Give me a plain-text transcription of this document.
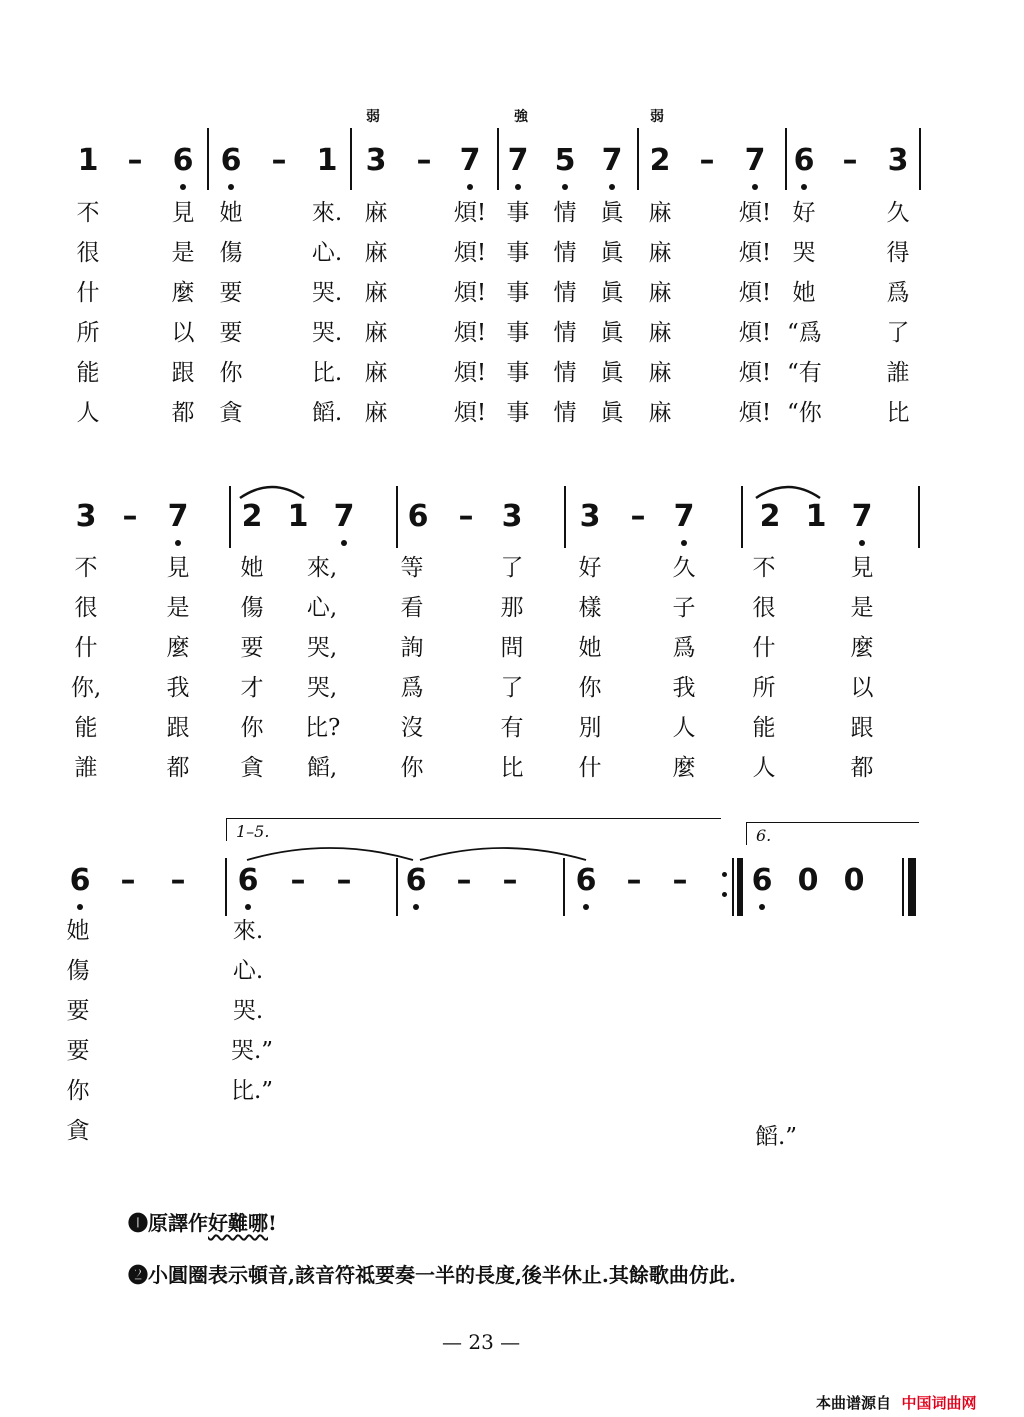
弱	強	弱
1 –	6 6	–	1 3	– 7 7 5 7 2 –	7 6 –	3
不	見 她	來. 麻	煩! 事 情 眞 麻	煩! 好	久
很	是 傷	心. 麻	煩! 事 情 眞 麻	煩! 哭	得
什	麼 要	哭. 麻	煩! 事 情 眞 麻	煩! 她	爲
所	以 要	哭. 麻	煩! 事 情 眞 麻	煩! “爲	了
能	跟 你	比. 麻	煩! 事 情 眞 麻	煩! “有	誰
人	都 貪	饀. 麻	煩! 事 情 眞 麻	煩! “你	比
3 –	7 2 1 7 6	– 3 3	– 7 2 1 7
不	見 她 來,	等	了 好	久 不	見
很	是 傷 心,	看	那 樣	子 很	是
什	麼 要 哭,	詢	問 她	爲 什	麼
你,	我 才 哭,	爲	了 你	我 所	以
能	跟 你 比?	沒	有 別	人 能	跟
誰	都 貪 饀,	你	比 什	麼 人	都
1–5.	6.
6	–	–	6	–	–	6	–	–	6	–	–	6 0 0
她	來.
傷	心.
要	哭.
要	哭.”
你	比.”
貪	饀.”
❶原譯作好難哪!
❷小圓圈表示頓音,該音符祗要奏一半的長度,後半休止.其餘歌曲仿此.
— 23 —
本曲谱源自 中国词曲网
